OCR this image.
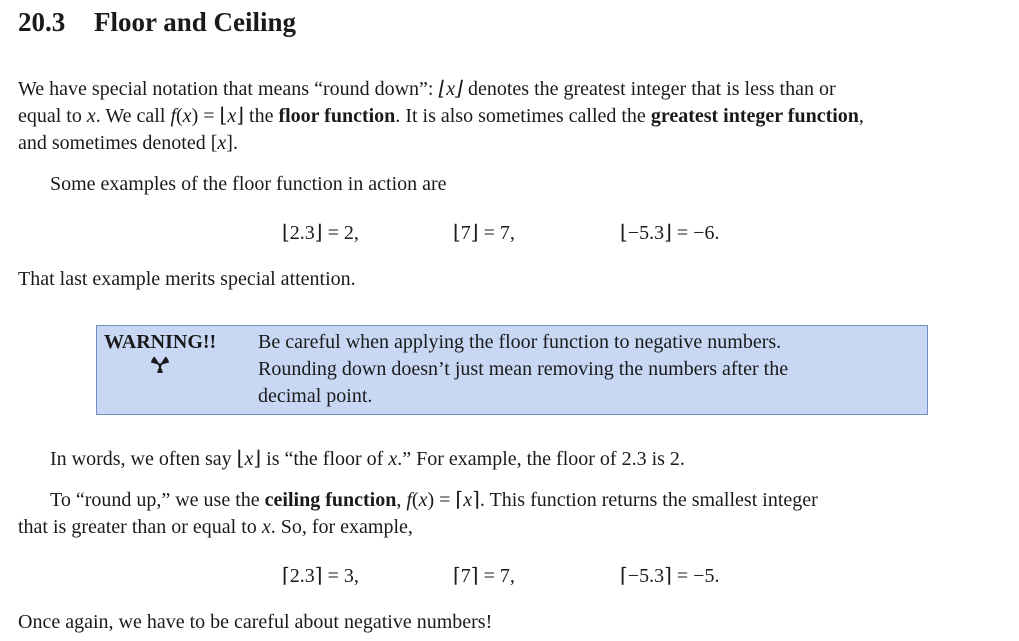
20.3 Floor and Ceiling
We have special notation that means “round down”: ⌊x⌋ denotes the greatest integer that is less than or
equal to x. We call f(x) = ⌊x⌋ the floor function. It is also sometimes called the greatest integer function,
and sometimes denoted [x].
Some examples of the floor function in action are
⌊2.3⌋ = 2,	⌊7⌋ = 7,	⌊−5.3⌋ = −6.
That last example merits special attention.
WARNING!! Be careful when applying the floor function to negative numbers.
Rounding down doesn’t just mean removing the numbers after the
decimal point.
In words, we often say ⌊x⌋ is “the floor of x.” For example, the floor of 2.3 is 2.
To “round up,” we use the ceiling function, f(x) = ⌈x⌉. This function returns the smallest integer
that is greater than or equal to x. So, for example,
⌈2.3⌉ = 3,	⌈7⌉ = 7,	⌈−5.3⌉ = −5.
Once again, we have to be careful about negative numbers!
